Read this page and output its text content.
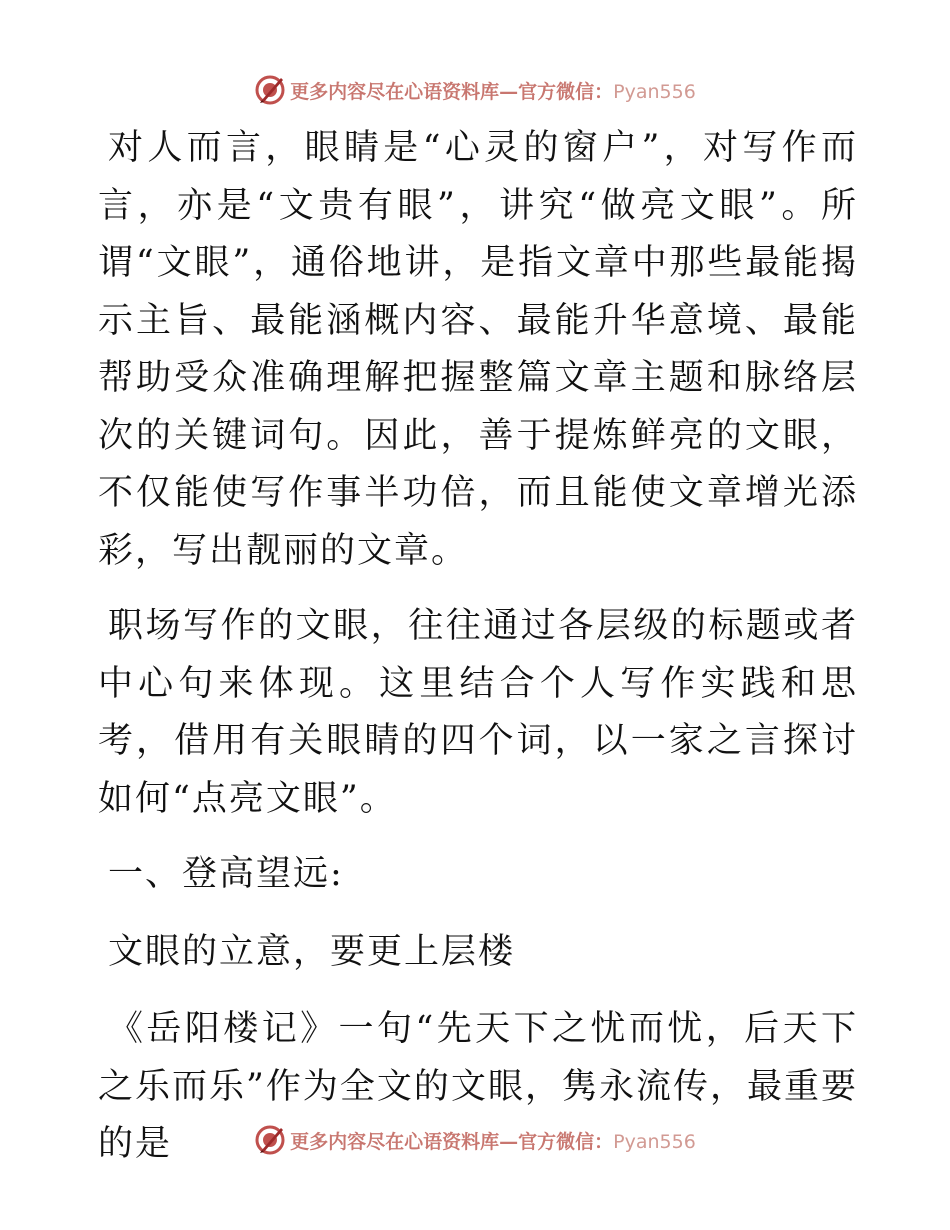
更多内容尽在心语资料库—官方微信：Pyan556

对人而言，眼睛是“心灵的窗户”，对写作而言，亦是“文贵有眼”，讲究“做亮文眼”。所谓“文眼”，通俗地讲，是指文章中那些最能揭示主旨、最能涵概内容、最能升华意境、最能帮助受众准确理解把握整篇文章主题和脉络层次的关键词句。因此，善于提炼鲜亮的文眼，不仅能使写作事半功倍，而且能使文章增光添彩，写出靓丽的文章。

职场写作的文眼，往往通过各层级的标题或者中心句来体现。这里结合个人写作实践和思考，借用有关眼睛的四个词，以一家之言探讨如何“点亮文眼”。

一、登高望远:

文眼的立意，要更上层楼

《岳阳楼记》一句“先天下之忧而忧，后天下之乐而乐”作为全文的文眼，隽永流传，最重要的是	更多内容尽在心语资料库—官方微信：Pyan556
